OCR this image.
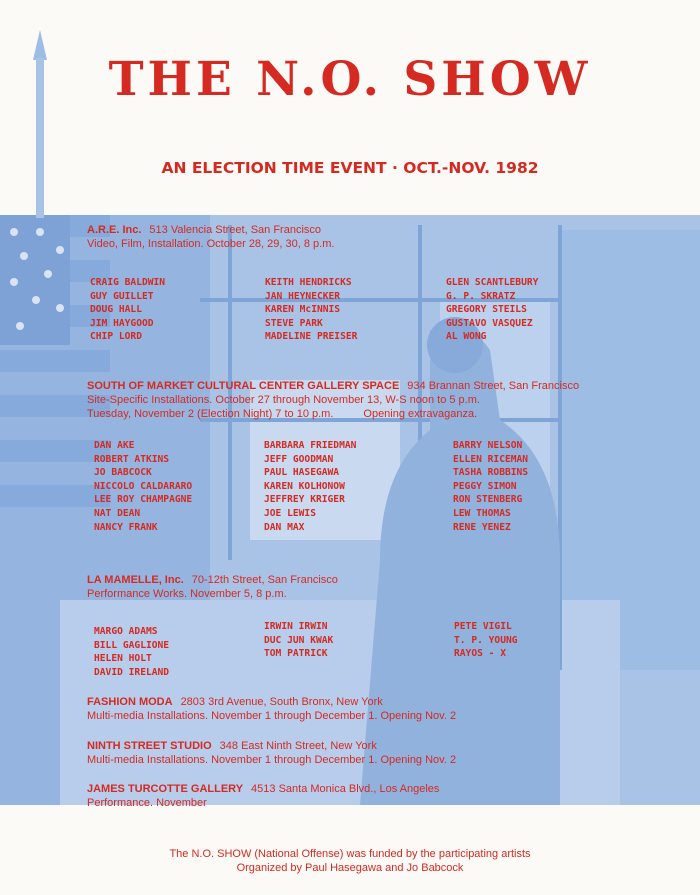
THE N.O. SHOW
AN ELECTION TIME EVENT · OCT.-NOV. 1982
A.R.E. Inc. 513 Valencia Street, San Francisco
Video, Film, Installation. October 28, 29, 30, 8 p.m.
CRAIG BALDWIN
GUY GUILLET
DOUG HALL
JIM HAYGOOD
CHIP LORD
KEITH HENDRICKS
JAN HEYNECKER
KAREN McINNIS
STEVE PARK
MADELINE PREISER
GLEN SCANTLEBURY
G. P. SKRATZ
GREGORY STEILS
GUSTAVO VASQUEZ
AL WONG
SOUTH OF MARKET CULTURAL CENTER GALLERY SPACE 934 Brannan Street, San Francisco
Site-Specific Installations. October 27 through November 13, W-S noon to 5 p.m.
Tuesday, November 2 (Election Night) 7 to 10 p.m.	Opening extravaganza.
DAN AKE
ROBERT ATKINS
JO BABCOCK
NICCOLO CALDARARO
LEE ROY CHAMPAGNE
NAT DEAN
NANCY FRANK
BARBARA FRIEDMAN
JEFF GOODMAN
PAUL HASEGAWA
KAREN KOLHONOW
JEFFREY KRIGER
JOE LEWIS
DAN MAX
BARRY NELSON
ELLEN RICEMAN
TASHA ROBBINS
PEGGY SIMON
RON STENBERG
LEW THOMAS
RENE YENEZ
LA MAMELLE, Inc. 70-12th Street, San Francisco
Performance Works. November 5, 8 p.m.
MARGO ADAMS
BILL GAGLIONE
HELEN HOLT
DAVID IRELAND
IRWIN IRWIN
DUC JUN KWAK
TOM PATRICK
PETE VIGIL
T. P. YOUNG
RAYOS - X
FASHION MODA 2803 3rd Avenue, South Bronx, New York
Multi-media Installations. November 1 through December 1. Opening Nov. 2
NINTH STREET STUDIO 348 East Ninth Street, New York
Multi-media Installations. November 1 through December 1. Opening Nov. 2
JAMES TURCOTTE GALLERY 4513 Santa Monica Blvd., Los Angeles
Performance. November
The N.O. SHOW (National Offense) was funded by the participating artists
Organized by Paul Hasegawa and Jo Babcock
